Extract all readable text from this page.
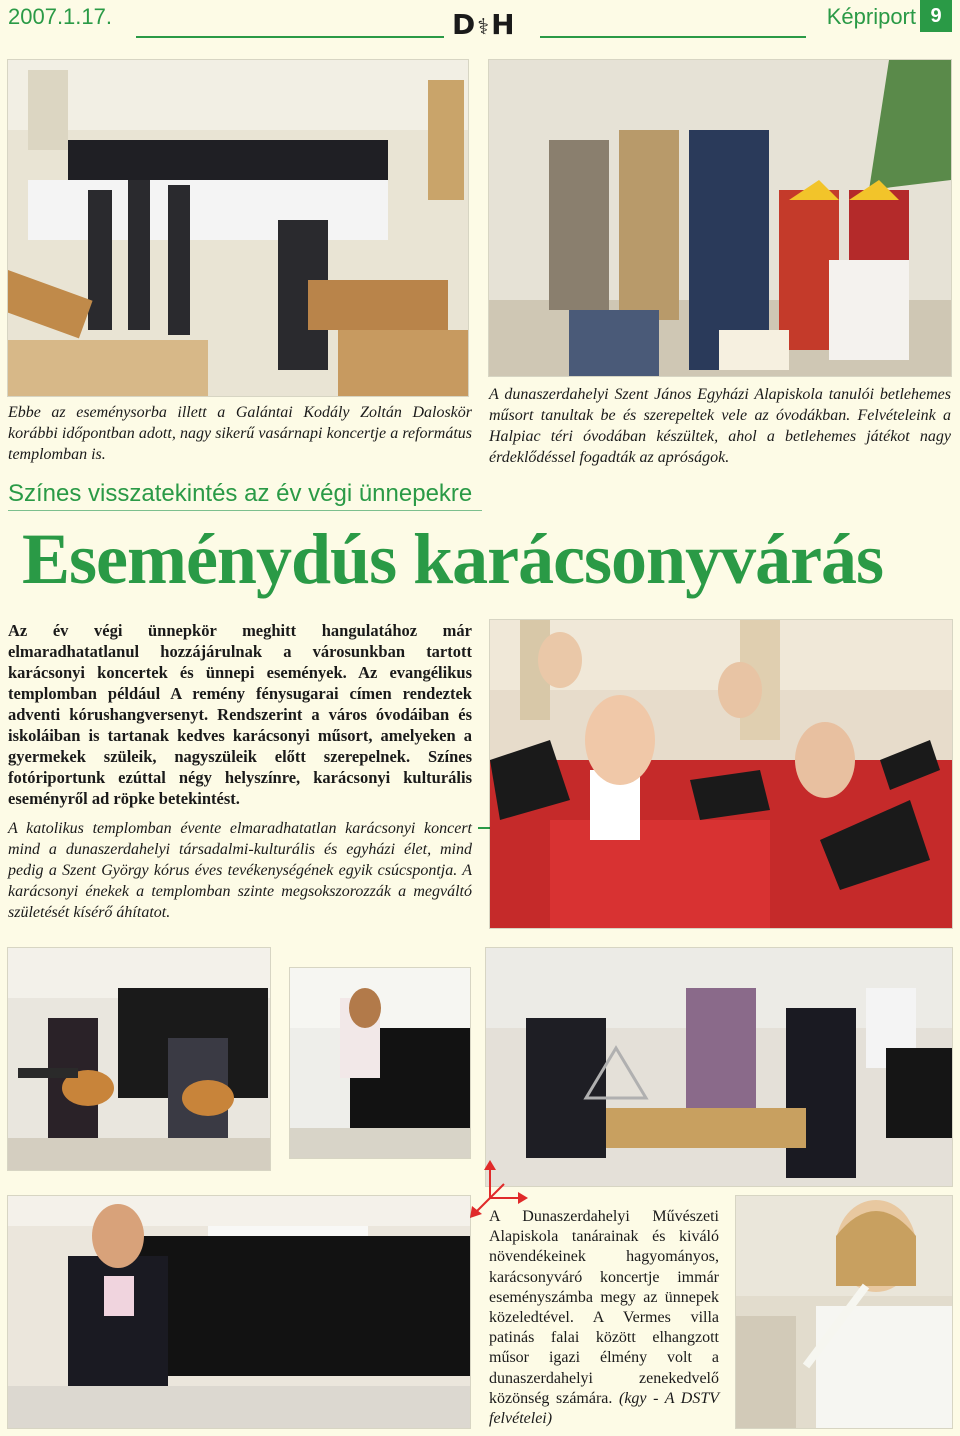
2007.1.17.	D⚕H	Képriport 9
Ebbe az eseménysorba illett a Galántai Kodály Zoltán Daloskör korábbi időpontban adott, nagy sikerű vasárnapi koncertje a református templomban is.
A dunaszerdahelyi Szent János Egyházi Alapiskola tanulói betlehemes műsort tanultak be és szerepeltek vele az óvodákban. Felvételeink a Halpiac téri óvodában készültek, ahol a betlehemes játékot nagy érdeklődéssel fogadták az apróságok.
Színes visszatekintés az év végi ünnepekre
Eseménydús karácsonyvárás
Az év végi ünnepkör meghitt hangulatához már elmaradhatatlanul hozzájárulnak a városunkban tartott karácsonyi koncertek és ünnepi események. Az evangélikus templomban például A remény fénysugarai címen rendeztek adventi kórushangversenyt. Rendszerint a város óvodáiban és iskoláiban is tartanak kedves karácsonyi műsort, amelyeken a gyermekek szüleik, nagyszüleik előtt szerepelnek. Színes fotóriportunk ezúttal négy helyszínre, karácsonyi kulturális eseményről ad röpke betekintést.
A katolikus templomban évente elmaradhatatlan karácsonyi koncert mind a dunaszerdahelyi társadalmi-kulturális és egyházi élet, mind pedig a Szent György kórus éves tevékenységének egyik csúcspontja. A karácsonyi énekek a templomban szinte megsokszorozzák a megváltó születését kísérő áhítatot.
A Dunaszerdahelyi Művészeti Alapiskola tanárainak és kiváló növendékeinek hagyományos, karácsonyváró koncertje immár eseményszámba megy az ünnepek közeledtével. A Vermes villa patinás falai között elhangzott műsor igazi élmény volt a dunaszerdahelyi zenekedvelő közönség számára. (kgy - A DSTV felvételei)
